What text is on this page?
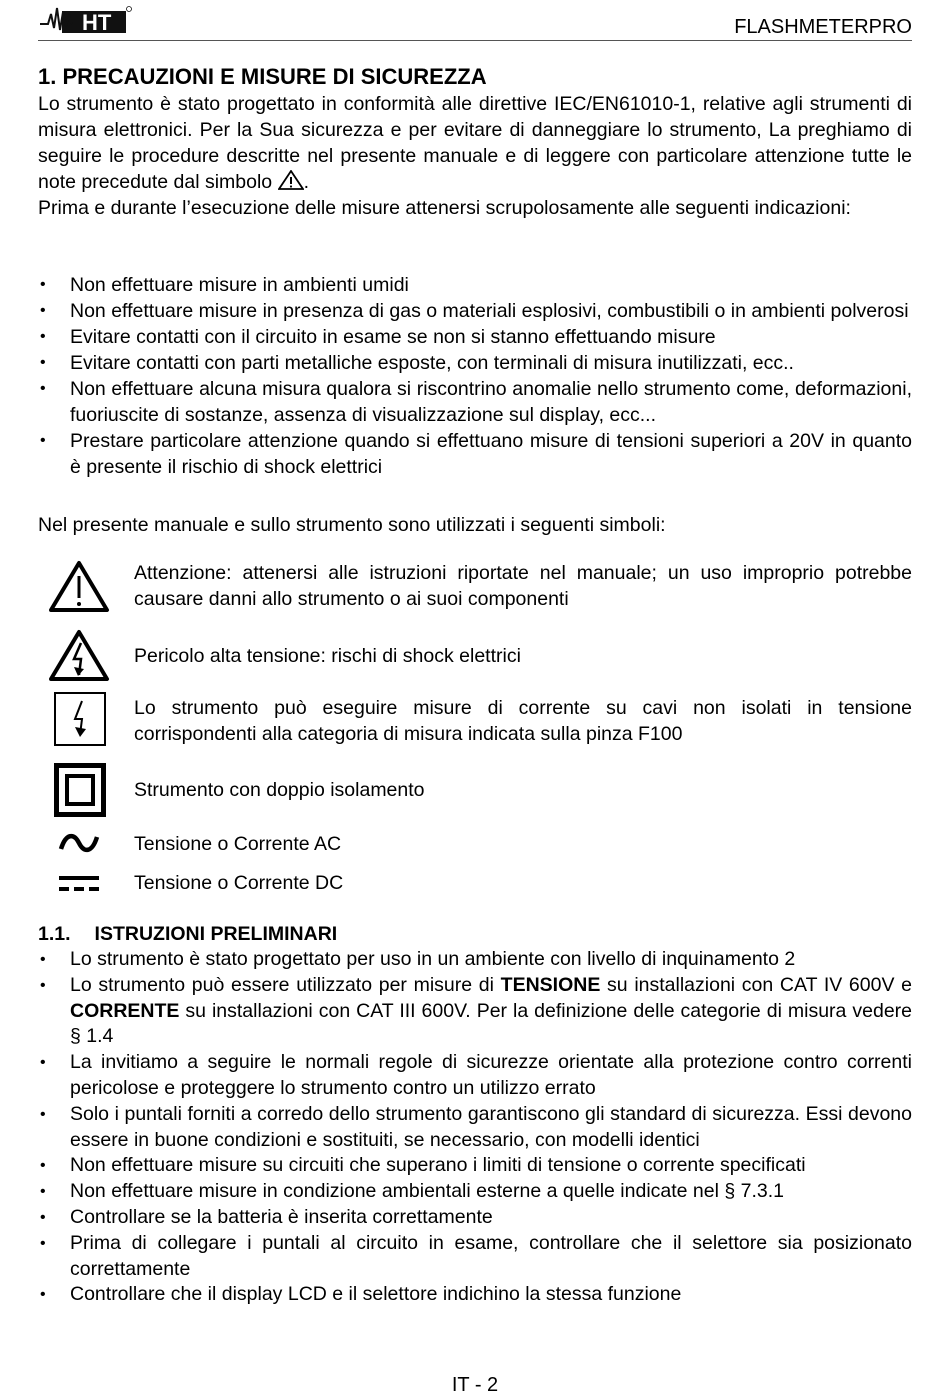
HT	FLASHMETERPRO
1. PRECAUZIONI E MISURE DI SICUREZZA
Lo strumento è stato progettato in conformità alle direttive IEC/EN61010-1, relative agli strumenti di misura elettronici. Per la Sua sicurezza e per evitare di danneggiare lo strumento, La preghiamo di seguire le procedure descritte nel presente manuale e di leggere con particolare attenzione tutte le note precedute dal simbolo .
Prima e durante l’esecuzione delle misure attenersi scrupolosamente alle seguenti indicazioni:
• Non effettuare misure in ambienti umidi
• Non effettuare misure in presenza di gas o materiali esplosivi, combustibili o in ambienti polverosi
• Evitare contatti con il circuito in esame se non si stanno effettuando misure
• Evitare contatti con parti metalliche esposte, con terminali di misura inutilizzati, ecc..
• Non effettuare alcuna misura qualora si riscontrino anomalie nello strumento come, deformazioni, fuoriuscite di sostanze, assenza di visualizzazione sul display, ecc...
• Prestare particolare attenzione quando si effettuano misure di tensioni superiori a 20V in quanto è presente il rischio di shock elettrici
Nel presente manuale e sullo strumento sono utilizzati i seguenti simboli:
Attenzione: attenersi alle istruzioni riportate nel manuale; un uso improprio potrebbe causare danni allo strumento o ai suoi componenti
Pericolo alta tensione: rischi di shock elettrici
Lo strumento può eseguire misure di corrente su cavi non isolati in tensione corrispondenti alla categoria di misura indicata sulla pinza F100
Strumento con doppio isolamento
Tensione o Corrente AC
Tensione o Corrente DC
1.1. ISTRUZIONI PRELIMINARI
• Lo strumento è stato progettato per uso in un ambiente con livello di inquinamento 2
• Lo strumento può essere utilizzato per misure di TENSIONE su installazioni con CAT IV 600V e CORRENTE su installazioni con CAT III 600V. Per la definizione delle categorie di misura vedere § 1.4
• La invitiamo a seguire le normali regole di sicurezze orientate alla protezione contro correnti pericolose e proteggere lo strumento contro un utilizzo errato
• Solo i puntali forniti a corredo dello strumento garantiscono gli standard di sicurezza. Essi devono essere in buone condizioni e sostituiti, se necessario, con modelli identici
• Non effettuare misure su circuiti che superano i limiti di tensione o corrente specificati
• Non effettuare misure in condizione ambientali esterne a quelle indicate nel § 7.3.1
• Controllare se la batteria è inserita correttamente
• Prima di collegare i puntali al circuito in esame, controllare che il selettore sia posizionato correttamente
• Controllare che il display LCD e il selettore indichino la stessa funzione
IT - 2
